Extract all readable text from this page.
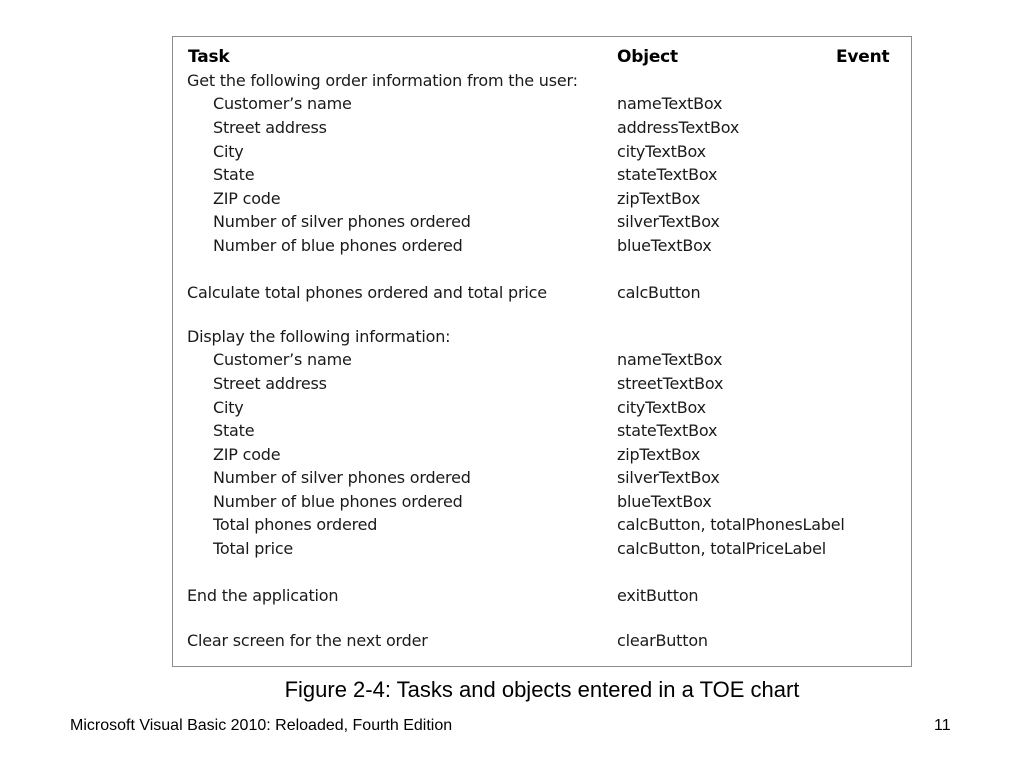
Task	Object	Event
Get the following order information from the user:
Customer’s name	nameTextBox
Street address	addressTextBox
City	cityTextBox
State	stateTextBox
ZIP code	zipTextBox
Number of silver phones ordered	silverTextBox
Number of blue phones ordered	blueTextBox
Calculate total phones ordered and total price	calcButton
Display the following information:
Customer’s name	nameTextBox
Street address	streetTextBox
City	cityTextBox
State	stateTextBox
ZIP code	zipTextBox
Number of silver phones ordered	silverTextBox
Number of blue phones ordered	blueTextBox
Total phones ordered	calcButton, totalPhonesLabel
Total price	calcButton, totalPriceLabel
End the application	exitButton
Clear screen for the next order	clearButton
Figure 2-4: Tasks and objects entered in a TOE chart
Microsoft Visual Basic 2010: Reloaded, Fourth Edition	11
